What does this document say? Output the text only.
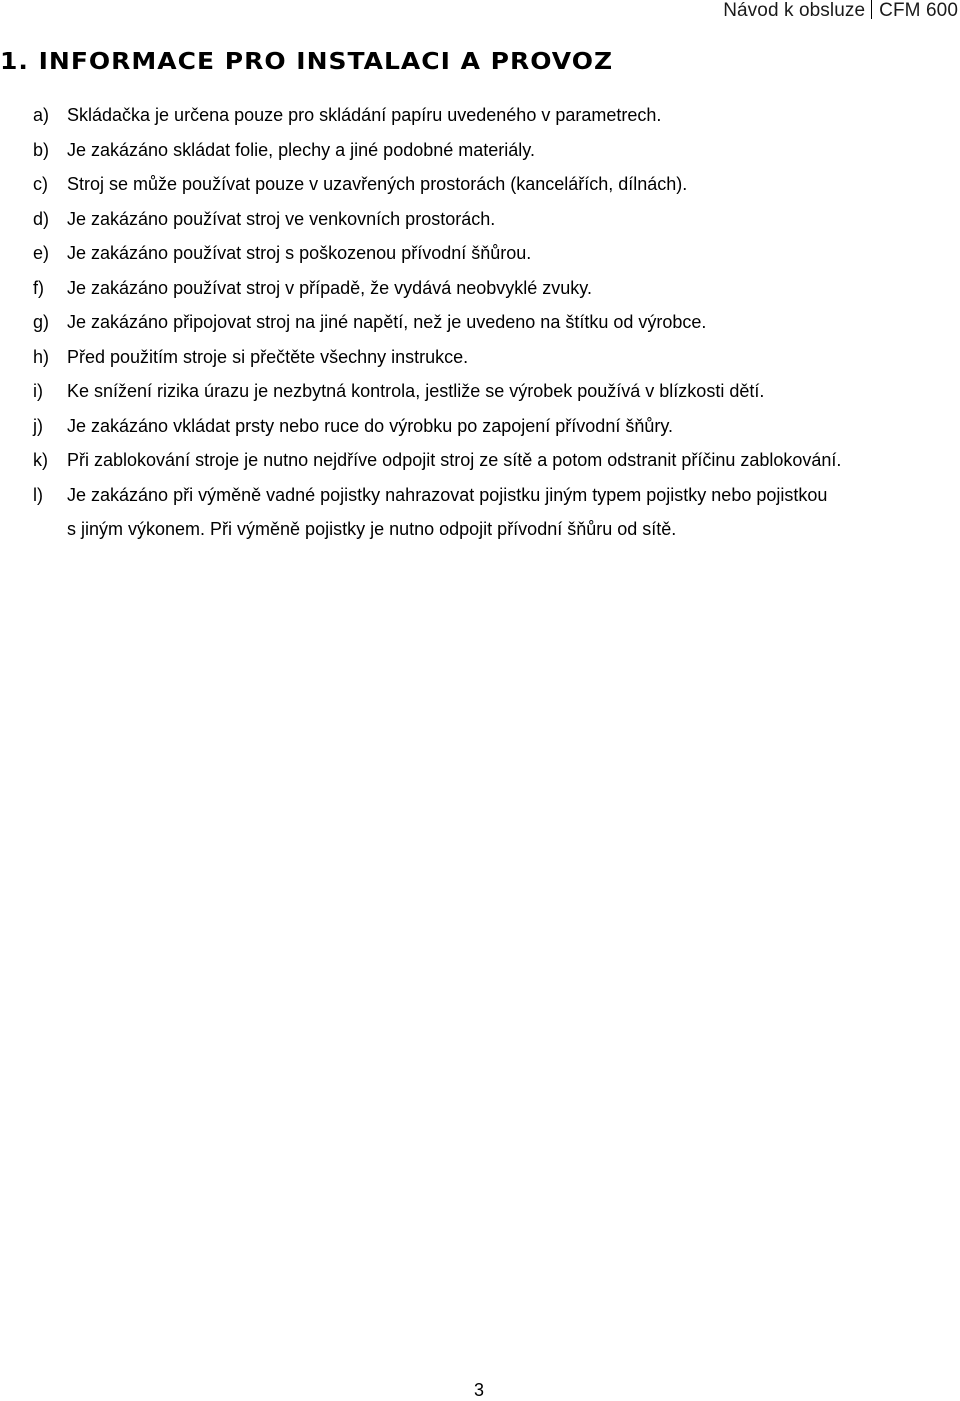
Návod k obsluze CFM 600
1. INFORMACE PRO INSTALACI A PROVOZ
a) Skládačka je určena pouze pro skládání papíru uvedeného v parametrech.
b) Je zakázáno skládat folie, plechy a jiné podobné materiály.
c) Stroj se může používat pouze v uzavřených prostorách (kancelářích, dílnách).
d) Je zakázáno používat stroj ve venkovních prostorách.
e) Je zakázáno používat stroj s poškozenou přívodní šňůrou.
f) Je zakázáno používat stroj v případě, že vydává neobvyklé zvuky.
g) Je zakázáno připojovat stroj na jiné napětí, než je uvedeno na štítku od výrobce.
h) Před použitím stroje si přečtěte všechny instrukce.
i) Ke snížení rizika úrazu je nezbytná kontrola, jestliže se výrobek používá v blízkosti dětí.
j) Je zakázáno vkládat prsty nebo ruce do výrobku po zapojení přívodní šňůry.
k) Při zablokování stroje je nutno nejdříve odpojit stroj ze sítě a potom odstranit příčinu zablokování.
l) Je zakázáno při výměně vadné pojistky nahrazovat pojistku jiným typem pojistky nebo pojistkou
s jiným výkonem. Při výměně pojistky je nutno odpojit přívodní šňůru od sítě.
3
